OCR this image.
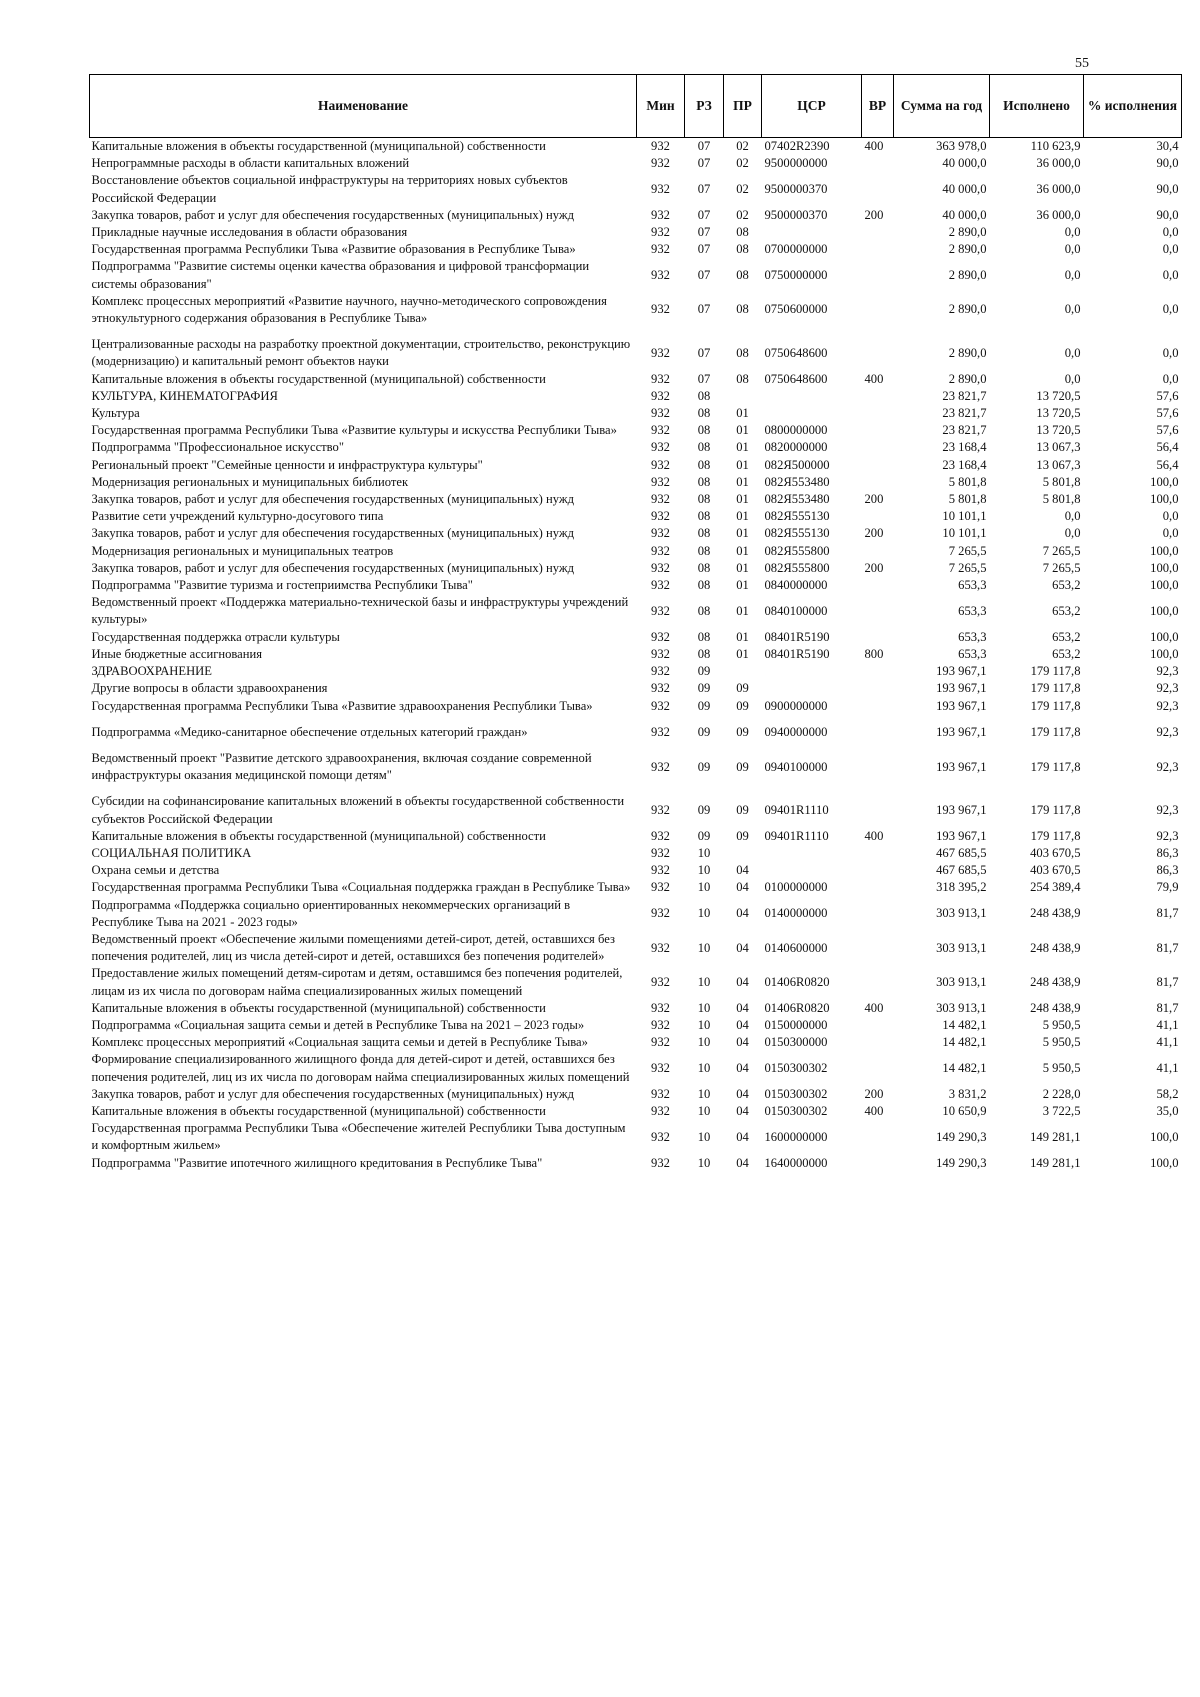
55
Наименование	Мин	РЗ	ПР	ЦСР	ВР	Сумма на год	Исполнено	% исполнения
Капитальные вложения в объекты государственной (муниципальной) собственности	932	07	02	07402R2390	400	363 978,0	110 623,9	30,4
Непрограммные расходы в области капитальных вложений	932	07	02	9500000000		40 000,0	36 000,0	90,0
Восстановление объектов социальной инфраструктуры на территориях новых субъектов Российской Федерации	932	07	02	9500000370		40 000,0	36 000,0	90,0
Закупка товаров, работ и услуг для обеспечения государственных (муниципальных) нужд	932	07	02	9500000370	200	40 000,0	36 000,0	90,0
Прикладные научные исследования в области образования	932	07	08			2 890,0	0,0	0,0
Государственная программа Республики Тыва «Развитие образования в Республике Тыва»	932	07	08	0700000000		2 890,0	0,0	0,0
Подпрограмма "Развитие системы оценки качества образования и цифровой трансформации системы образования"	932	07	08	0750000000		2 890,0	0,0	0,0
Комплекс процессных мероприятий «Развитие научного, научно-методического сопровождения этнокультурного содержания образования в Республике Тыва»	932	07	08	0750600000		2 890,0	0,0	0,0
Централизованные расходы на разработку проектной документации, строительство, реконструкцию (модернизацию) и капитальный ремонт объектов науки	932	07	08	0750648600		2 890,0	0,0	0,0
Капитальные вложения в объекты государственной (муниципальной) собственности	932	07	08	0750648600	400	2 890,0	0,0	0,0
КУЛЬТУРА, КИНЕМАТОГРАФИЯ	932	08				23 821,7	13 720,5	57,6
Культура	932	08	01			23 821,7	13 720,5	57,6
Государственная программа Республики Тыва «Развитие культуры и искусства Республики Тыва»	932	08	01	0800000000		23 821,7	13 720,5	57,6
Подпрограмма "Профессиональное искусство"	932	08	01	0820000000		23 168,4	13 067,3	56,4
Региональный проект "Семейные ценности и инфраструктура культуры"	932	08	01	082Я500000		23 168,4	13 067,3	56,4
Модернизация региональных и муниципальных библиотек	932	08	01	082Я553480		5 801,8	5 801,8	100,0
Закупка товаров, работ и услуг для обеспечения государственных (муниципальных) нужд	932	08	01	082Я553480	200	5 801,8	5 801,8	100,0
Развитие сети учреждений культурно-досугового типа	932	08	01	082Я555130		10 101,1	0,0	0,0
Закупка товаров, работ и услуг для обеспечения государственных (муниципальных) нужд	932	08	01	082Я555130	200	10 101,1	0,0	0,0
Модернизация региональных и муниципальных театров	932	08	01	082Я555800		7 265,5	7 265,5	100,0
Закупка товаров, работ и услуг для обеспечения государственных (муниципальных) нужд	932	08	01	082Я555800	200	7 265,5	7 265,5	100,0
Подпрограмма "Развитие туризма и гостеприимства Республики Тыва"	932	08	01	0840000000		653,3	653,2	100,0
Ведомственный проект «Поддержка материально-технической базы и инфраструктуры учреждений культуры»	932	08	01	0840100000		653,3	653,2	100,0
Государственная поддержка отрасли культуры	932	08	01	08401R5190		653,3	653,2	100,0
Иные бюджетные ассигнования	932	08	01	08401R5190	800	653,3	653,2	100,0
ЗДРАВООХРАНЕНИЕ	932	09				193 967,1	179 117,8	92,3
Другие вопросы в области здравоохранения	932	09	09			193 967,1	179 117,8	92,3
Государственная программа Республики Тыва «Развитие здравоохранения Республики Тыва»	932	09	09	0900000000		193 967,1	179 117,8	92,3
Подпрограмма «Медико-санитарное обеспечение отдельных категорий граждан»	932	09	09	0940000000		193 967,1	179 117,8	92,3
Ведомственный проект "Развитие детского здравоохранения, включая создание современной инфраструктуры оказания медицинской помощи детям"	932	09	09	0940100000		193 967,1	179 117,8	92,3
Субсидии на софинансирование капитальных вложений в объекты государственной собственности субъектов Российской Федерации	932	09	09	09401R1110		193 967,1	179 117,8	92,3
Капитальные вложения в объекты государственной (муниципальной) собственности	932	09	09	09401R1110	400	193 967,1	179 117,8	92,3
СОЦИАЛЬНАЯ ПОЛИТИКА	932	10				467 685,5	403 670,5	86,3
Охрана семьи и детства	932	10	04			467 685,5	403 670,5	86,3
Государственная программа Республики Тыва «Социальная поддержка граждан в Республике Тыва»	932	10	04	0100000000		318 395,2	254 389,4	79,9
Подпрограмма «Поддержка социально ориентированных некоммерческих организаций в Республике Тыва на 2021 - 2023 годы»	932	10	04	0140000000		303 913,1	248 438,9	81,7
Ведомственный проект «Обеспечение жилыми помещениями детей-сирот, детей, оставшихся без попечения родителей, лиц из числа детей-сирот и детей, оставшихся без попечения родителей»	932	10	04	0140600000		303 913,1	248 438,9	81,7
Предоставление жилых помещений детям-сиротам и детям, оставшимся без попечения родителей, лицам из их числа по договорам найма специализированных жилых помещений	932	10	04	01406R0820		303 913,1	248 438,9	81,7
Капитальные вложения в объекты государственной (муниципальной) собственности	932	10	04	01406R0820	400	303 913,1	248 438,9	81,7
Подпрограмма «Социальная защита семьи и детей в Республике Тыва на 2021 – 2023 годы»	932	10	04	0150000000		14 482,1	5 950,5	41,1
Комплекс процессных мероприятий «Социальная защита семьи и детей в Республике Тыва»	932	10	04	0150300000		14 482,1	5 950,5	41,1
Формирование специализированного жилищного фонда для детей-сирот и детей, оставшихся без попечения родителей, лиц из их числа по договорам найма специализированных жилых помещений	932	10	04	0150300302		14 482,1	5 950,5	41,1
Закупка товаров, работ и услуг для обеспечения государственных (муниципальных) нужд	932	10	04	0150300302	200	3 831,2	2 228,0	58,2
Капитальные вложения в объекты государственной (муниципальной) собственности	932	10	04	0150300302	400	10 650,9	3 722,5	35,0
Государственная программа Республики Тыва «Обеспечение жителей Республики Тыва доступным и комфортным жильем»	932	10	04	1600000000		149 290,3	149 281,1	100,0
Подпрограмма "Развитие ипотечного жилищного кредитования в Республике Тыва"	932	10	04	1640000000		149 290,3	149 281,1	100,0
